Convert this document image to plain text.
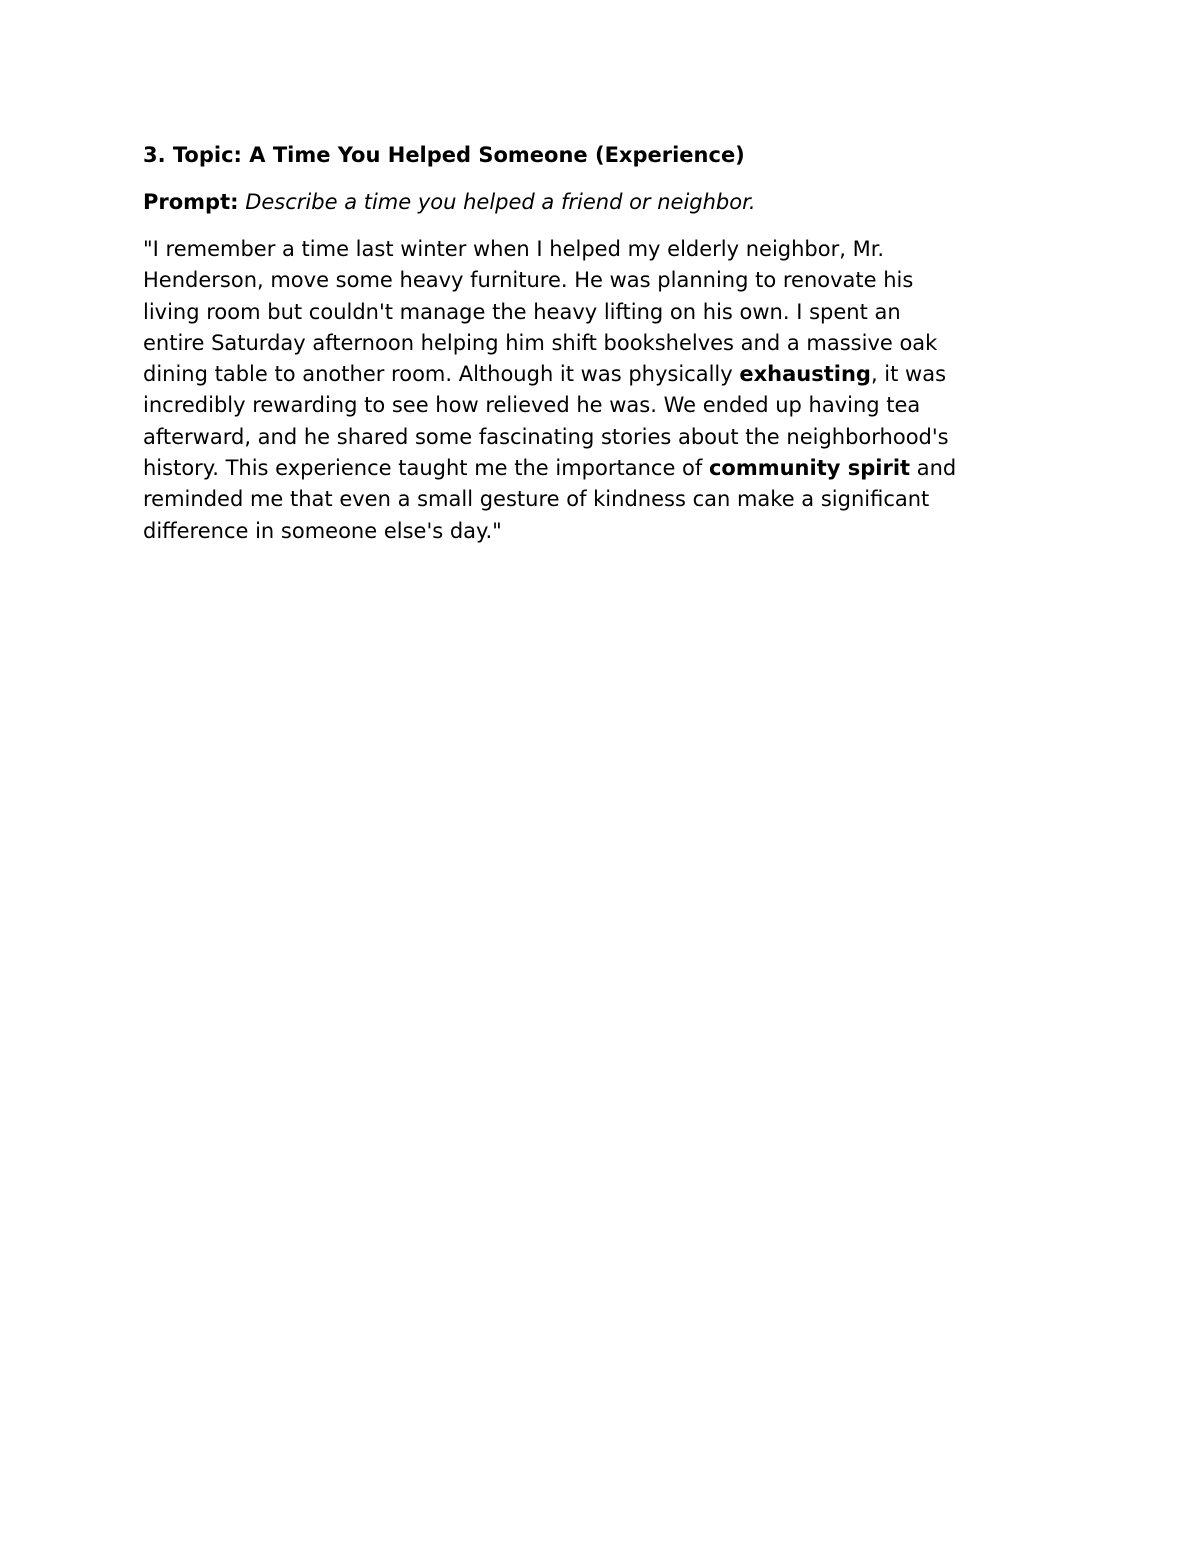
3. Topic: A Time You Helped Someone (Experience)
Prompt: Describe a time you helped a friend or neighbor.
"I remember a time last winter when I helped my elderly neighbor, Mr.
Henderson, move some heavy furniture. He was planning to renovate his
living room but couldn't manage the heavy lifting on his own. I spent an
entire Saturday afternoon helping him shift bookshelves and a massive oak
dining table to another room. Although it was physically exhausting, it was
incredibly rewarding to see how relieved he was. We ended up having tea
afterward, and he shared some fascinating stories about the neighborhood's
history. This experience taught me the importance of community spirit and
reminded me that even a small gesture of kindness can make a significant
difference in someone else's day."
